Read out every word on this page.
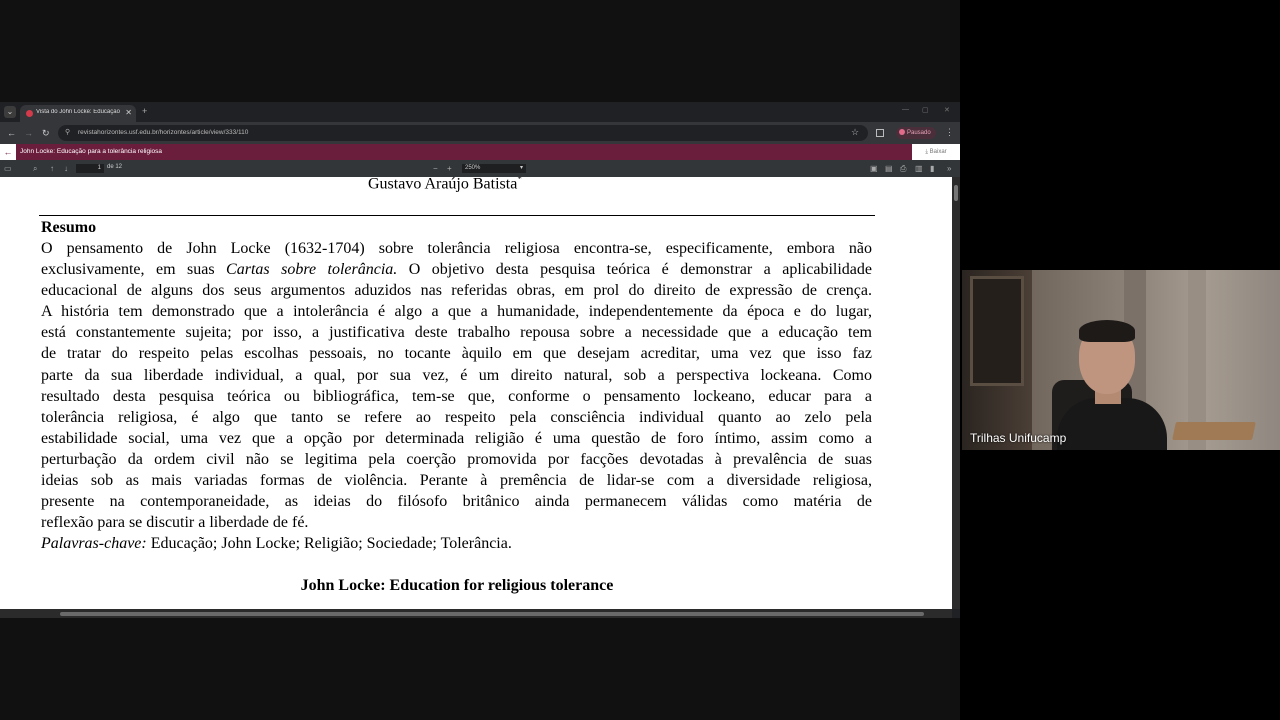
⌄	Vista do John Locke: Educação ✕ +	— ▢ ✕
← → ↻ ⚲ revistahorizontes.usf.edu.br/horizontes/article/view/333/110	☆	Pausado	⋮
←	John Locke: Educação para a tolerância religiosa	⤓ Baixar
▭	⌕ ↑ ↓	1	de 12	− +	250%	▾	▣ ▤ ⎙ ▥ ▮ »
Gustavo Araújo Batista*
Resumo
O pensamento de John Locke (1632-1704) sobre tolerância religiosa encontra-se, especificamente, embora não
exclusivamente, em suas Cartas sobre tolerância. O objetivo desta pesquisa teórica é demonstrar a aplicabilidade
educacional de alguns dos seus argumentos aduzidos nas referidas obras, em prol do direito de expressão de crença.
A história tem demonstrado que a intolerância é algo a que a humanidade, independentemente da época e do lugar,
está constantemente sujeita; por isso, a justificativa deste trabalho repousa sobre a necessidade que a educação tem
de tratar do respeito pelas escolhas pessoais, no tocante àquilo em que desejam acreditar, uma vez que isso faz
parte da sua liberdade individual, a qual, por sua vez, é um direito natural, sob a perspectiva lockeana. Como
resultado desta pesquisa teórica ou bibliográfica, tem-se que, conforme o pensamento lockeano, educar para a
tolerância religiosa, é algo que tanto se refere ao respeito pela consciência individual quanto ao zelo pela
estabilidade social, uma vez que a opção por determinada religião é uma questão de foro íntimo, assim como a
perturbação da ordem civil não se legitima pela coerção promovida por facções devotadas à prevalência de suas
ideias sob as mais variadas formas de violência. Perante à premência de lidar-se com a diversidade religiosa,
presente na contemporaneidade, as ideias do filósofo britânico ainda permanecem válidas como matéria de
reflexão para se discutir a liberdade de fé.
Palavras-chave: Educação; John Locke; Religião; Sociedade; Tolerância.
John Locke: Education for religious tolerance
Trilhas Unifucamp
